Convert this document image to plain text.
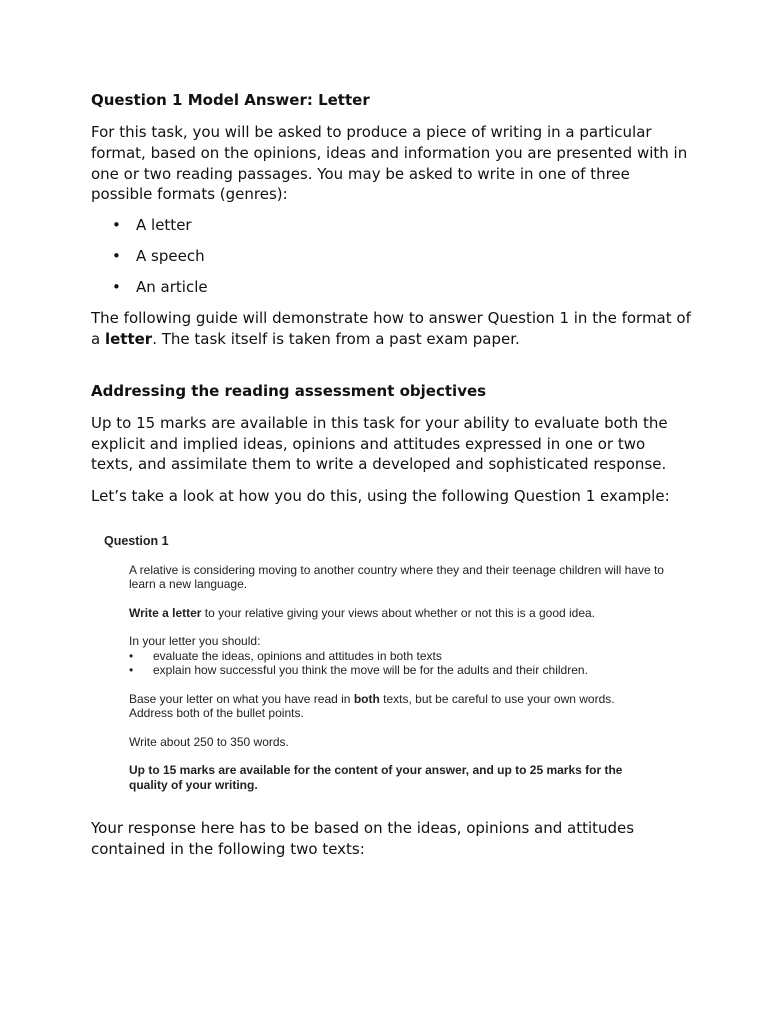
Question 1 Model Answer: Letter

For this task, you will be asked to produce a piece of writing in a particular format, based on the opinions, ideas and information you are presented with in one or two reading passages. You may be asked to write in one of three possible formats (genres):

• A letter
• A speech
• An article

The following guide will demonstrate how to answer Question 1 in the format of a letter. The task itself is taken from a past exam paper.

Addressing the reading assessment objectives

Up to 15 marks are available in this task for your ability to evaluate both the explicit and implied ideas, opinions and attitudes expressed in one or two texts, and assimilate them to write a developed and sophisticated response.

Let’s take a look at how you do this, using the following Question 1 example:

Question 1

A relative is considering moving to another country where they and their teenage children will have to learn a new language.

Write a letter to your relative giving your views about whether or not this is a good idea.

In your letter you should:

• evaluate the ideas, opinions and attitudes in both texts
• explain how successful you think the move will be for the adults and their children.

Base your letter on what you have read in both texts, but be careful to use your own words.

Address both of the bullet points.

Write about 250 to 350 words.

Up to 15 marks are available for the content of your answer, and up to 25 marks for the quality of your writing.

Your response here has to be based on the ideas, opinions and attitudes contained in the following two texts:
